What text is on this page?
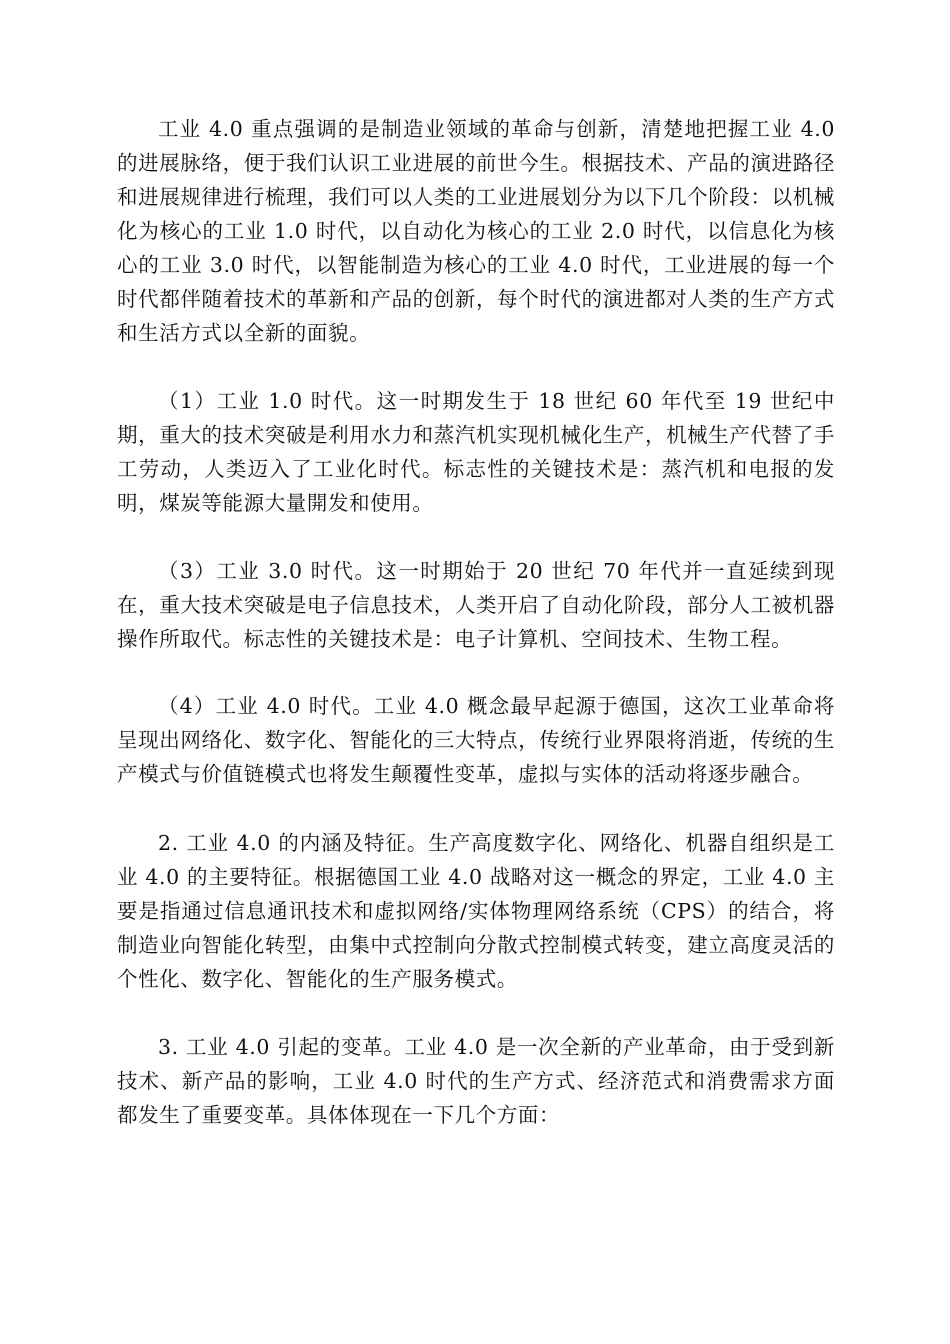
工业 4.0 重点强调的是制造业领域的革命与创新，清楚地把握工业 4.0 的进展脉络，便于我们认识工业进展的前世今生。根据技术、产品的演进路径和进展规律进行梳理，我们可以人类的工业进展划分为以下几个阶段：以机械化为核心的工业 1.0 时代，以自动化为核心的工业 2.0 时代，以信息化为核心的工业 3.0 时代，以智能制造为核心的工业 4.0 时代，工业进展的每一个时代都伴随着技术的革新和产品的创新，每个时代的演进都对人类的生产方式和生活方式以全新的面貌。

（1）工业 1.0 时代。这一时期发生于 18 世纪 60 年代至 19 世纪中期，重大的技术突破是利用水力和蒸汽机实现机械化生产，机械生产代替了手工劳动，人类迈入了工业化时代。标志性的关键技术是：蒸汽机和电报的发明，煤炭等能源大量開发和使用。

（3）工业 3.0 时代。这一时期始于 20 世纪 70 年代并一直延续到现在，重大技术突破是电子信息技术，人类开启了自动化阶段，部分人工被机器操作所取代。标志性的关键技术是：电子计算机、空间技术、生物工程。

（4）工业 4.0 时代。工业 4.0 概念最早起源于德国，这次工业革命将呈现出网络化、数字化、智能化的三大特点，传统行业界限将消逝，传统的生产模式与价值链模式也将发生颠覆性变革，虚拟与实体的活动将逐步融合。

2. 工业 4.0 的内涵及特征。生产高度数字化、网络化、机器自组织是工业 4.0 的主要特征。根据德国工业 4.0 战略对这一概念的界定，工业 4.0 主要是指通过信息通讯技术和虚拟网络/实体物理网络系统（CPS）的结合，将制造业向智能化转型，由集中式控制向分散式控制模式转变，建立高度灵活的个性化、数字化、智能化的生产服务模式。

3. 工业 4.0 引起的变革。工业 4.0 是一次全新的产业革命，由于受到新技术、新产品的影响，工业 4.0 时代的生产方式、经济范式和消费需求方面都发生了重要变革。具体体现在一下几个方面：
